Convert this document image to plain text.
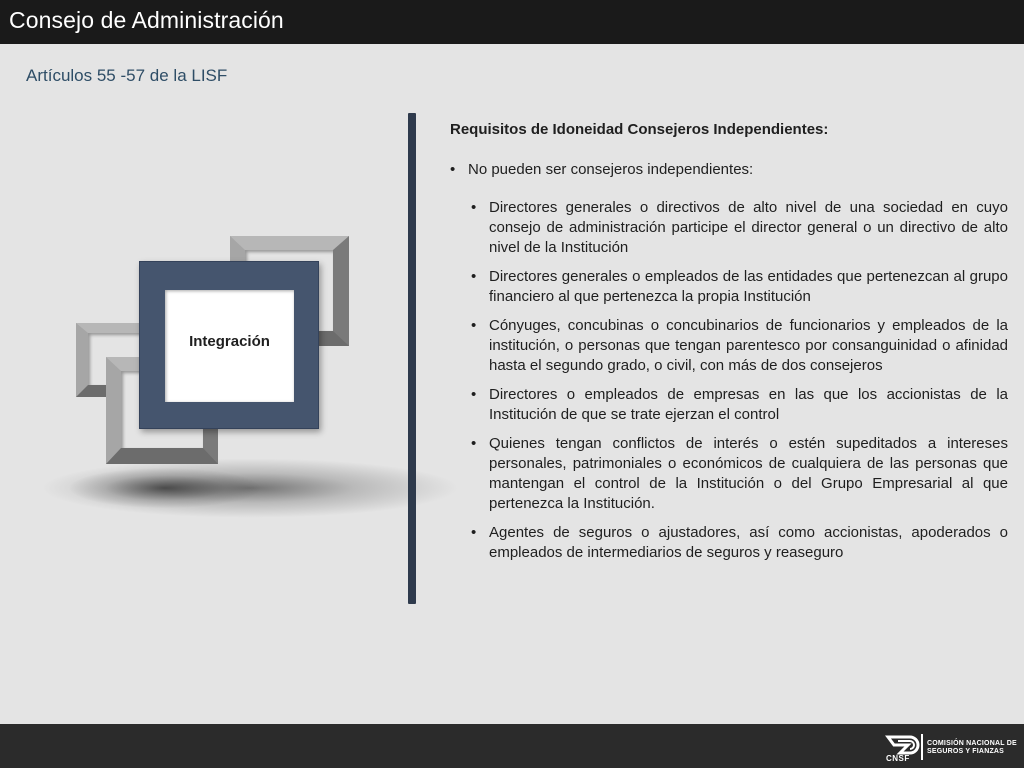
Consejo de Administración
Artículos 55 -57 de la LISF
Integración
Requisitos de Idoneidad Consejeros Independientes:
• No pueden ser consejeros independientes:
• Directores generales o directivos de alto nivel de una sociedad en cuyo consejo de administración participe el director general o un directivo de alto nivel de la Institución
• Directores generales o empleados de las entidades que pertenezcan al grupo financiero al que pertenezca la propia Institución
• Cónyuges, concubinas o concubinarios de funcionarios y empleados de la institución, o personas que tengan parentesco por consanguinidad o afinidad hasta el segundo grado, o civil, con más de dos consejeros
• Directores o empleados de empresas en las que los accionistas de la Institución de que se trate ejerzan el control
• Quienes tengan conflictos de interés o estén supeditados a intereses personales, patrimoniales o económicos de cualquiera de las personas que mantengan el control de la Institución o del Grupo Empresarial al que pertenezca la Institución.
• Agentes de seguros o ajustadores, así como accionistas, apoderados o empleados de intermediarios de seguros y reaseguro
COMISIÓN NACIONAL DE
SEGUROS Y FIANZAS
CNSF
